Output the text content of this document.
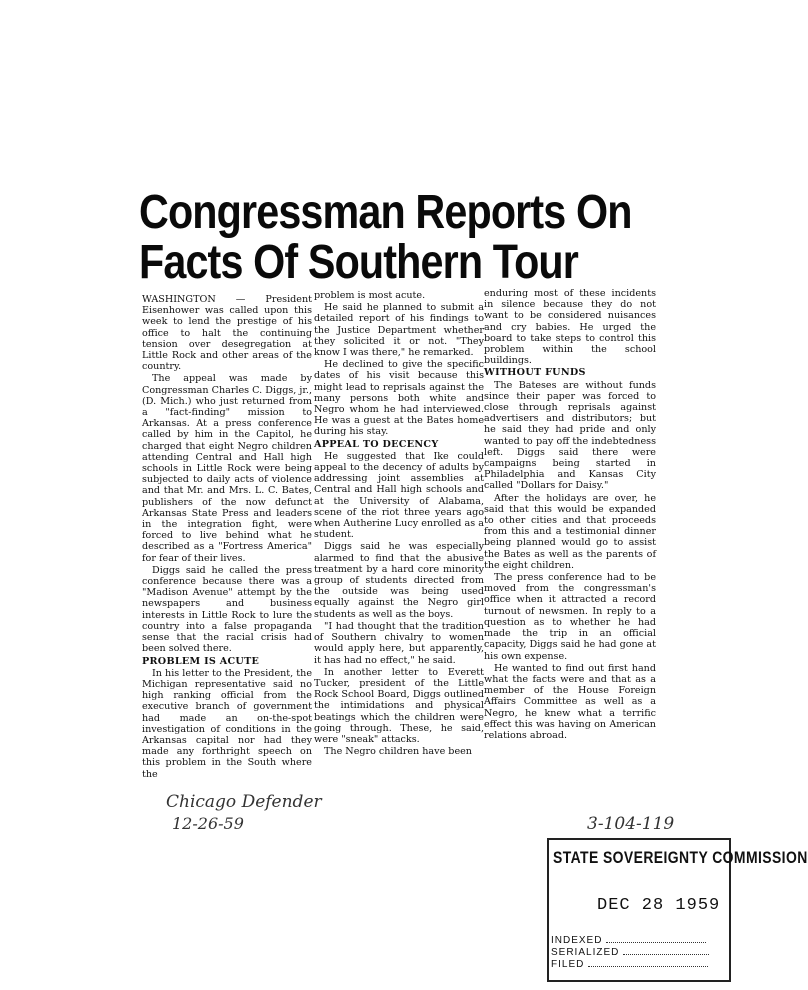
Congressman Reports On
Facts Of Southern Tour

WASHINGTON — President Eisenhower was called upon this week to lend the prestige of his office to halt the continuing tension over desegregation at Little Rock and other areas of the country.

The appeal was made by Congressman Charles C. Diggs, jr., (D. Mich.) who just returned from a "fact-finding" mission to Arkansas. At a press conference called by him in the Capitol, he charged that eight Negro children attending Central and Hall high schools in Little Rock were being subjected to daily acts of violence and that Mr. and Mrs. L. C. Bates, publishers of the now defunct Arkansas State Press and leaders in the integration fight, were forced to live behind what he described as a "Fortress America" for fear of their lives.

Diggs said he called the press conference because there was a "Madison Avenue" attempt by the newspapers and business interests in Little Rock to lure the country into a false propaganda sense that the racial crisis had been solved there.

PROBLEM IS ACUTE

In his letter to the President, the Michigan representative said no high ranking official from the executive branch of government had made an on-the-spot investigation of conditions in the Arkansas capital nor had they made any forthright speech on this problem in the South where the

problem is most acute.

He said he planned to submit a detailed report of his findings to the Justice Department whether they solicited it or not. "They know I was there," he remarked.

He declined to give the specific dates of his visit because this might lead to reprisals against the many persons both white and Negro whom he had interviewed. He was a guest at the Bates home during his stay.

APPEAL TO DECENCY

He suggested that Ike could appeal to the decency of adults by addressing joint assemblies at Central and Hall high schools and at the University of Alabama, scene of the riot three years ago when Autherine Lucy enrolled as a student.

Diggs said he was especially alarmed to find that the abusive treatment by a hard core minority group of students directed from the outside was being used equally against the Negro girl students as well as the boys.

"I had thought that the tradition of Southern chivalry to women would apply here, but apparently, it has had no effect," he said.

In another letter to Everett Tucker, president of the Little Rock School Board, Diggs outlined the intimidations and physical beatings which the children were going through. These, he said, were "sneak" attacks.

The Negro children have been

enduring most of these incidents in silence because they do not want to be considered nuisances and cry babies. He urged the board to take steps to control this problem within the school buildings.

WITHOUT FUNDS

The Bateses are without funds since their paper was forced to close through reprisals against advertisers and distributors; but he said they had pride and only wanted to pay off the indebtedness left. Diggs said there were campaigns being started in Philadelphia and Kansas City called "Dollars for Daisy."

After the holidays are over, he said that this would be expanded to other cities and that proceeds from this and a testimonial dinner being planned would go to assist the Bates as well as the parents of the eight children.

The press conference had to be moved from the congressman's office when it attracted a record turnout of newsmen. In reply to a question as to whether he had made the trip in an official capacity, Diggs said he had gone at his own expense.

He wanted to find out first hand what the facts were and that as a member of the House Foreign Affairs Committee as well as a Negro, he knew what a terrific effect this was having on American relations abroad.

Chicago Defender
12-26-59	3-104-119
STATE SOVEREIGNTY COMMISSION
DEC 28 1959
INDEXED
SERIALIZED
FILED
